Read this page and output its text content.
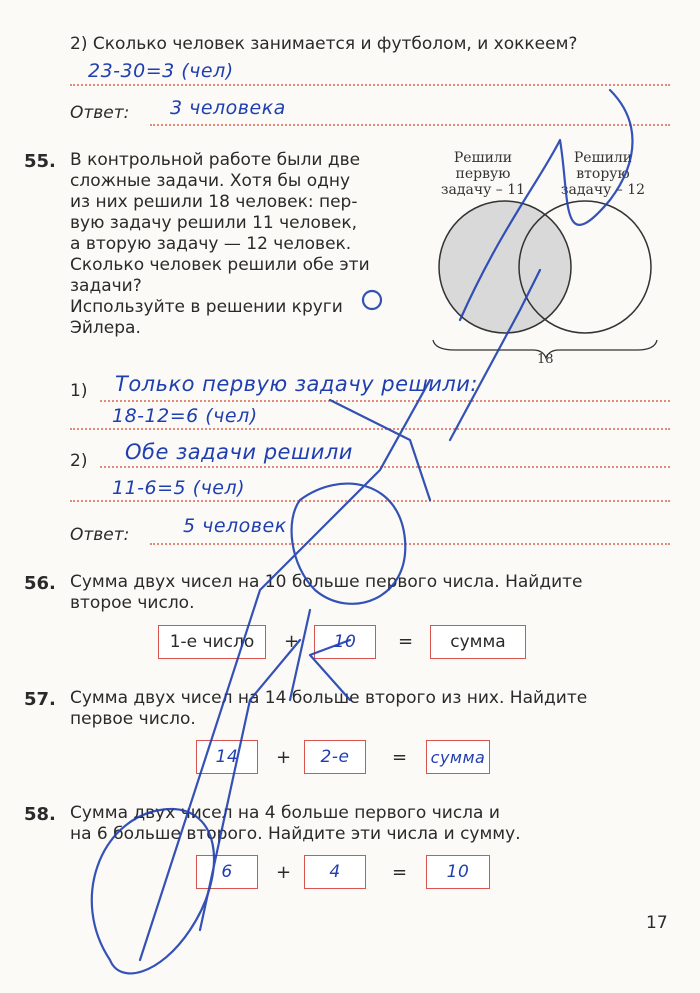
2) Сколько человек занимается и футболом, и хоккеем?
23-30=3 (чел)
Ответ: 3 человека
55. В контрольной работе были две
сложные задачи. Хотя бы одну
из них решили 18 человек: пер-
вую задачу решили 11 человек,
а вторую задачу — 12 человек.
Сколько человек решили обе эти
задачи?
Используйте в решении круги
Эйлера.
Решили
первую
задачу – 11
Решили
вторую
задачу – 12
18
1) Только первую задачу решили:
18-12=6 (чел)
2) Обе задачи решили
11-6=5 (чел)
Ответ:	5 человек
56. Сумма двух чисел на 10 больше первого числа. Найдите
второе число.
1-е число	+	10	=	сумма
57. Сумма двух чисел на 14 больше второго из них. Найдите
первое число.
14	+	2-е	= сумма
58. Сумма двух чисел на 4 больше первого числа и
на 6 больше второго. Найдите эти числа и сумму.
6	+	4	=	10
17
